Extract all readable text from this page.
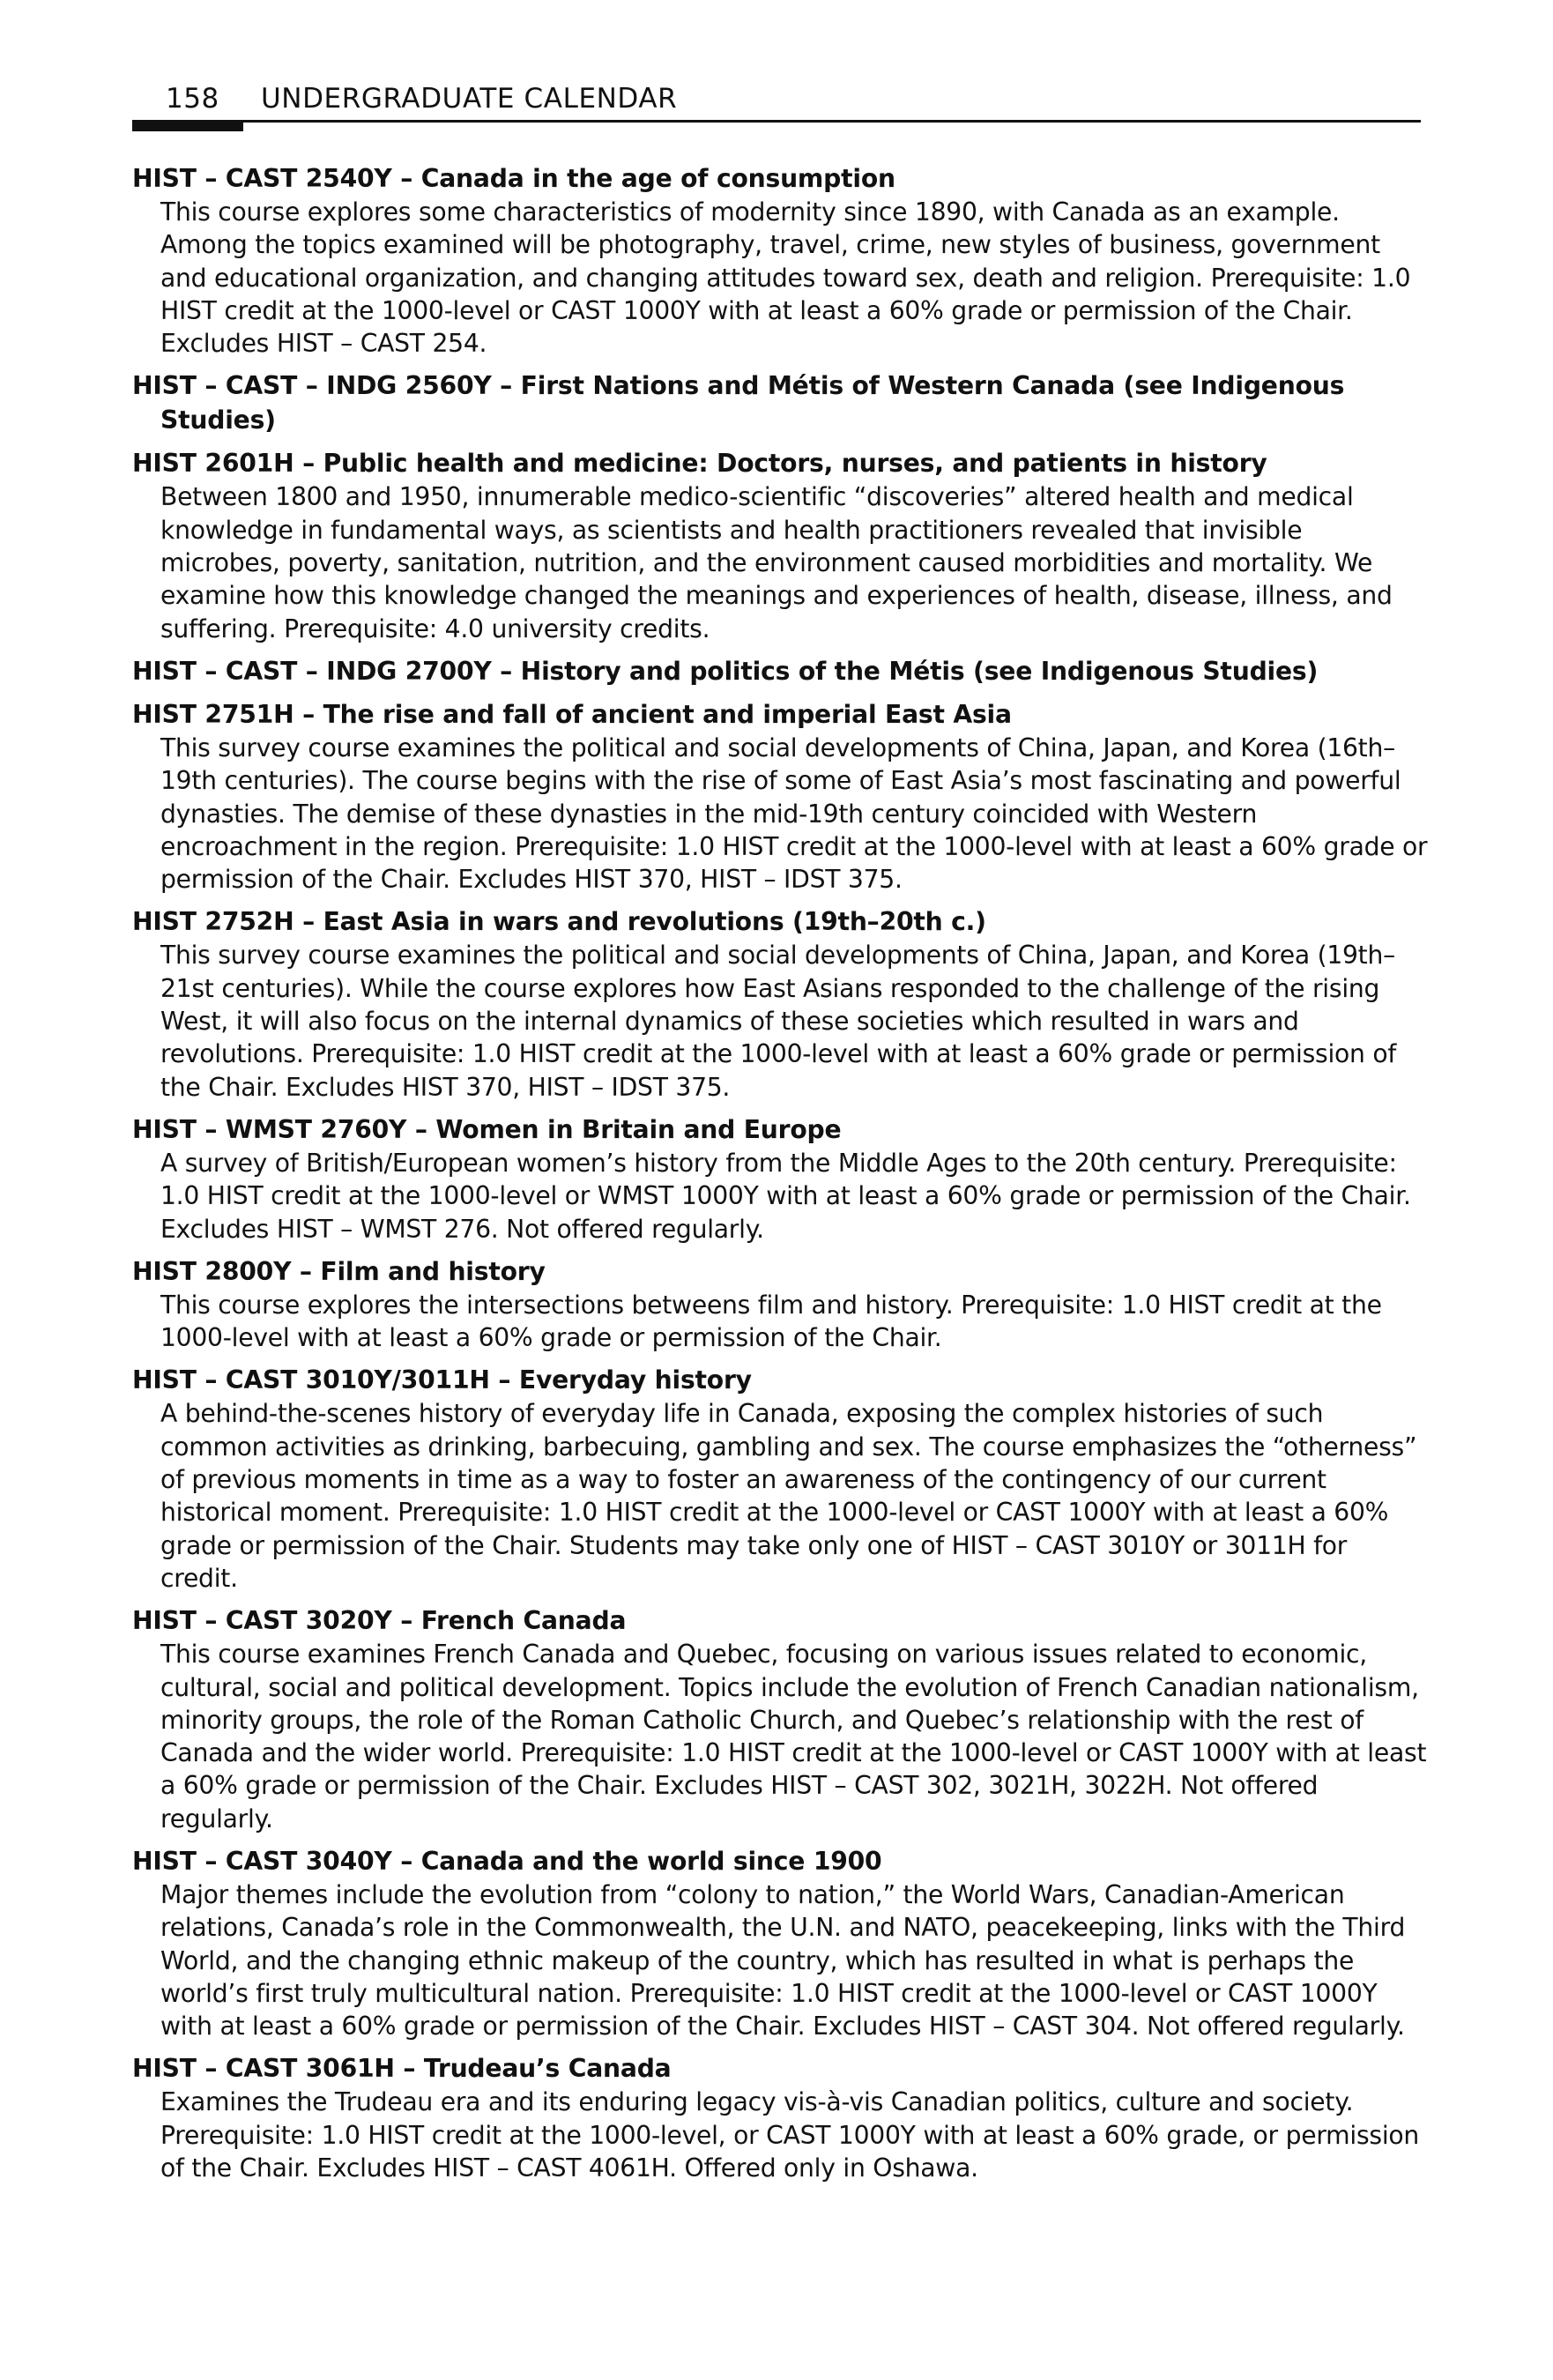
158 UNDERGRADUATE CALENDAR
HIST – CAST 2540Y – Canada in the age of consumption
This course explores some characteristics of modernity since 1890, with Canada as an example. Among the topics examined will be photography, travel, crime, new styles of business, government and educational organization, and changing attitudes toward sex, death and religion. Prerequisite: 1.0 HIST credit at the 1000-level or CAST 1000Y with at least a 60% grade or permission of the Chair. Excludes HIST – CAST 254.
HIST – CAST – INDG 2560Y – First Nations and Métis of Western Canada (see Indigenous Studies)
HIST 2601H – Public health and medicine: Doctors, nurses, and patients in history
Between 1800 and 1950, innumerable medico-scientific “discoveries” altered health and medical knowledge in fundamental ways, as scientists and health practitioners revealed that invisible microbes, poverty, sanitation, nutrition, and the environment caused morbidities and mortality. We examine how this knowledge changed the meanings and experiences of health, disease, illness, and suffering. Prerequisite: 4.0 university credits.
HIST – CAST – INDG 2700Y – History and politics of the Métis (see Indigenous Studies)
HIST 2751H – The rise and fall of ancient and imperial East Asia
This survey course examines the political and social developments of China, Japan, and Korea (16th–19th centuries). The course begins with the rise of some of East Asia’s most fascinating and powerful dynasties. The demise of these dynasties in the mid-19th century coincided with Western encroachment in the region. Prerequisite: 1.0 HIST credit at the 1000-level with at least a 60% grade or permission of the Chair. Excludes HIST 370, HIST – IDST 375.
HIST 2752H – East Asia in wars and revolutions (19th–20th c.)
This survey course examines the political and social developments of China, Japan, and Korea (19th–21st centuries). While the course explores how East Asians responded to the challenge of the rising West, it will also focus on the internal dynamics of these societies which resulted in wars and revolutions. Prerequisite: 1.0 HIST credit at the 1000-level with at least a 60% grade or permission of the Chair. Excludes HIST 370, HIST – IDST 375.
HIST – WMST 2760Y – Women in Britain and Europe
A survey of British/European women’s history from the Middle Ages to the 20th century. Prerequisite: 1.0 HIST credit at the 1000-level or WMST 1000Y with at least a 60% grade or permission of the Chair. Excludes HIST – WMST 276. Not offered regularly.
HIST 2800Y – Film and history
This course explores the intersections betweens film and history. Prerequisite: 1.0 HIST credit at the 1000-level with at least a 60% grade or permission of the Chair.
HIST – CAST 3010Y/3011H – Everyday history
A behind-the-scenes history of everyday life in Canada, exposing the complex histories of such common activities as drinking, barbecuing, gambling and sex. The course emphasizes the “otherness” of previous moments in time as a way to foster an awareness of the contingency of our current historical moment. Prerequisite: 1.0 HIST credit at the 1000-level or CAST 1000Y with at least a 60% grade or permission of the Chair. Students may take only one of HIST – CAST 3010Y or 3011H for credit.
HIST – CAST 3020Y – French Canada
This course examines French Canada and Quebec, focusing on various issues related to economic, cultural, social and political development. Topics include the evolution of French Canadian nationalism, minority groups, the role of the Roman Catholic Church, and Quebec’s relationship with the rest of Canada and the wider world. Prerequisite: 1.0 HIST credit at the 1000-level or CAST 1000Y with at least a 60% grade or permission of the Chair. Excludes HIST – CAST 302, 3021H, 3022H. Not offered regularly.
HIST – CAST 3040Y – Canada and the world since 1900
Major themes include the evolution from “colony to nation,” the World Wars, Canadian-American relations, Canada’s role in the Commonwealth, the U.N. and NATO, peacekeeping, links with the Third World, and the changing ethnic makeup of the country, which has resulted in what is perhaps the world’s first truly multicultural nation. Prerequisite: 1.0 HIST credit at the 1000-level or CAST 1000Y with at least a 60% grade or permission of the Chair. Excludes HIST – CAST 304. Not offered regularly.
HIST – CAST 3061H – Trudeau’s Canada
Examines the Trudeau era and its enduring legacy vis-à-vis Canadian politics, culture and society. Prerequisite: 1.0 HIST credit at the 1000-level, or CAST 1000Y with at least a 60% grade, or permission of the Chair. Excludes HIST – CAST 4061H. Offered only in Oshawa.
